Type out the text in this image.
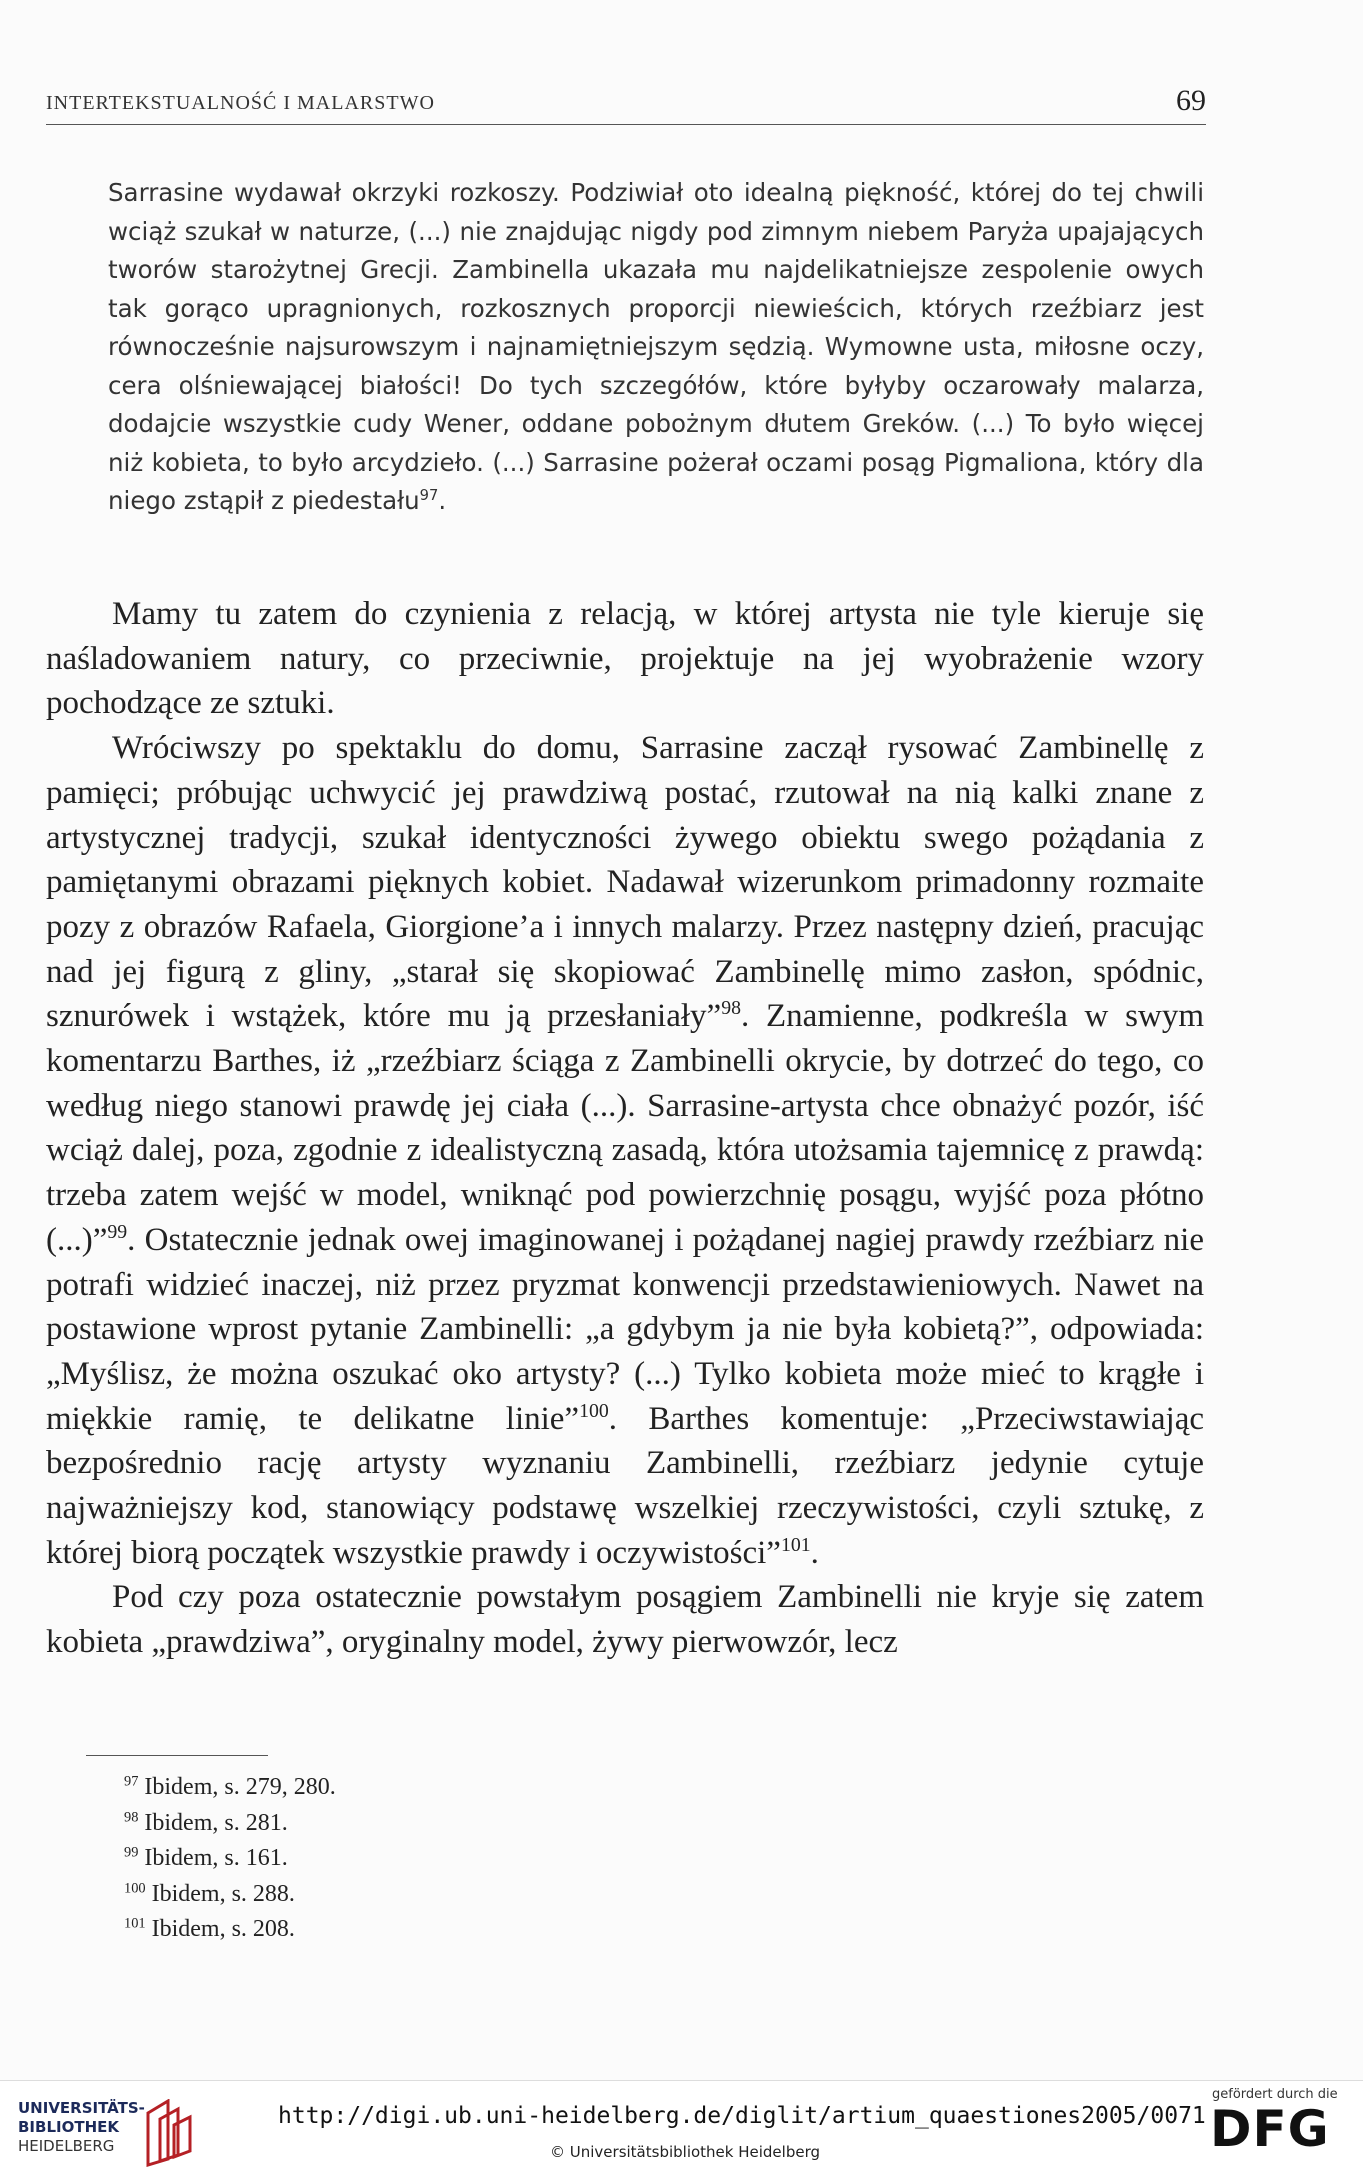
INTERTEKSTUALNOŚĆ I MALARSTWO	69
Sarrasine wydawał okrzyki rozkoszy. Podziwiał oto idealną piękność, której do tej chwili wciąż szukał w naturze, (...) nie znajdując nigdy pod zimnym niebem Paryża upajających tworów starożytnej Grecji. Zambinella ukazała mu najdelikatniejsze zespolenie owych tak gorąco upragnionych, rozkosznych proporcji niewieścich, których rzeźbiarz jest równocześnie najsurowszym i najnamiętniejszym sędzią. Wymowne usta, miłosne oczy, cera olśniewającej białości! Do tych szczegółów, które byłyby oczarowały malarza, dodajcie wszystkie cudy Wener, oddane pobożnym dłutem Greków. (...) To było więcej niż kobieta, to było arcydzieło. (...) Sarrasine pożerał oczami posąg Pigmaliona, który dla niego zstąpił z piedestału$^{97}$.

Mamy tu zatem do czynienia z relacją, w której artysta nie tyle kieruje się naśladowaniem natury, co przeciwnie, projektuje na jej wyobrażenie wzory pochodzące ze sztuki.

Wróciwszy po spektaklu do domu, Sarrasine zaczął rysować Zambinellę z pamięci; próbując uchwycić jej prawdziwą postać, rzutował na nią kalki znane z artystycznej tradycji, szukał identyczności żywego obiektu swego pożądania z pamiętanymi obrazami pięknych kobiet. Nadawał wizerunkom primadonny rozmaite pozy z obrazów Rafaela, Giorgione’a i innych malarzy. Przez następny dzień, pracując nad jej figurą z gliny, „starał się skopiować Zambinellę mimo zasłon, spódnic, sznurówek i wstążek, które mu ją przesłaniały”$^{98}$. Znamienne, podkreśla w swym komentarzu Barthes, iż „rzeźbiarz ściąga z Zambinelli okrycie, by dotrzeć do tego, co według niego stanowi prawdę jej ciała (...). Sarrasine-artysta chce obnażyć pozór, iść wciąż dalej, poza, zgodnie z idealistyczną zasadą, która utożsamia tajemnicę z prawdą: trzeba zatem wejść w model, wniknąć pod powierzchnię posągu, wyjść poza płótno (...)”$^{99}$. Ostatecznie jednak owej imaginowanej i pożądanej nagiej prawdy rzeźbiarz nie potrafi widzieć inaczej, niż przez pryzmat konwencji przedstawieniowych. Nawet na postawione wprost pytanie Zambinelli: „a gdybym ja nie była kobietą?”, odpowiada: „Myślisz, że można oszukać oko artysty? (...) Tylko kobieta może mieć to krągłe i miękkie ramię, te delikatne linie”$^{100}$. Barthes komentuje: „Przeciwstawiając bezpośrednio rację artysty wyznaniu Zambinelli, rzeźbiarz jedynie cytuje najważniejszy kod, stanowiący podstawę wszelkiej rzeczywistości, czyli sztukę, z której biorą początek wszystkie prawdy i oczywistości”$^{101}$.

Pod czy poza ostatecznie powstałym posągiem Zambinelli nie kryje się zatem kobieta „prawdziwa”, oryginalny model, żywy pierwowzór, lecz

$^{97}$ Ibidem, s. 279, 280.
$^{98}$ Ibidem, s. 281.
$^{99}$ Ibidem, s. 161.
$^{100}$ Ibidem, s. 288.
$^{101}$ Ibidem, s. 208.
UNIVERSITÄTS-
BIBLIOTHEK
HEIDELBERG
http://digi.ub.uni-heidelberg.de/diglit/artium_quaestiones2005/0071
© Universitätsbibliothek Heidelberg
gefördert durch die
DFG
